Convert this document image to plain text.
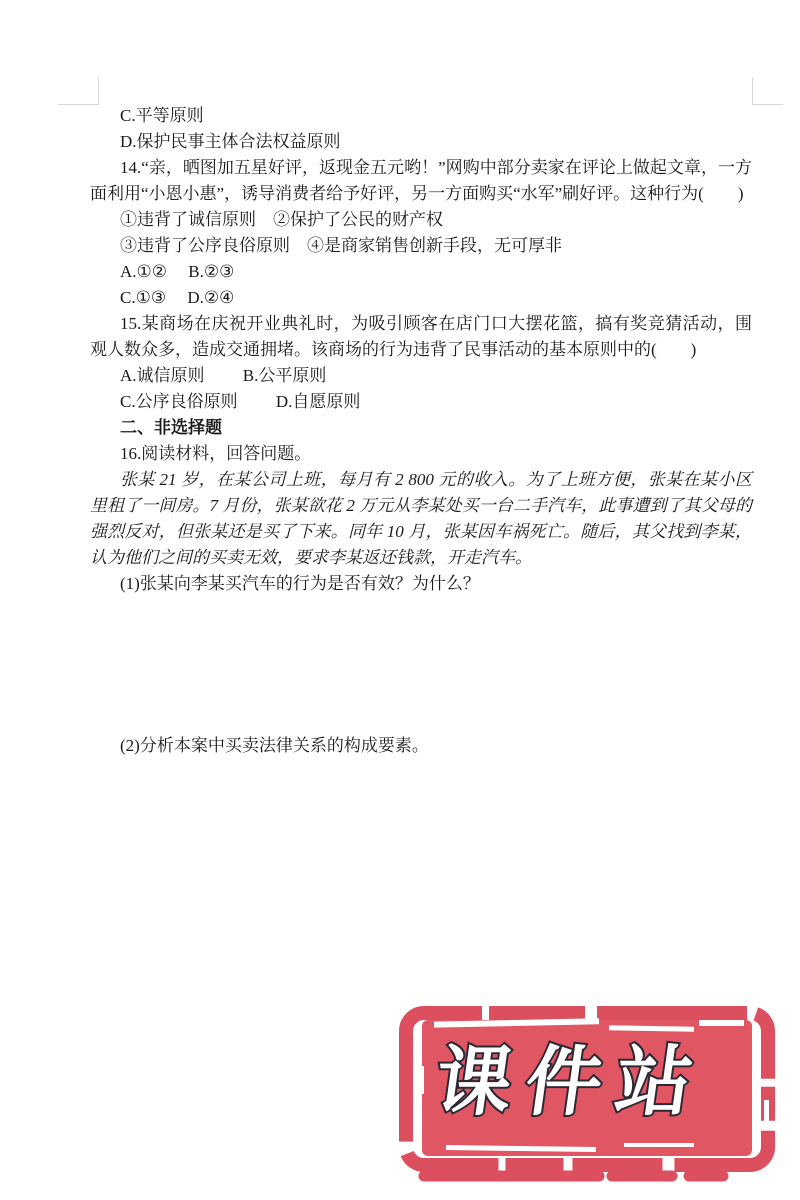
C.平等原则

D.保护民事主体合法权益原则

14.“亲，晒图加五星好评，返现金五元哟！”网购中部分卖家在评论上做起文章，一方面利用“小恩小惠”，诱导消费者给予好评，另一方面购买“水军”刷好评。这种行为(　　)

①违背了诚信原则　②保护了公民的财产权

③违背了公序良俗原则　④是商家销售创新手段，无可厚非

A.①②　 B.②③

C.①③　 D.②④

15.某商场在庆祝开业典礼时，为吸引顾客在店门口大摆花篮，搞有奖竞猜活动，围观人数众多，造成交通拥堵。该商场的行为违背了民事活动的基本原则中的(　　)

A.诚信原则　　 B.公平原则

C.公序良俗原则　　 D.自愿原则

二、非选择题

16.阅读材料，回答问题。

张某 21 岁，在某公司上班，每月有 2 800 元的收入。为了上班方便，张某在某小区里租了一间房。7 月份，张某欲花 2 万元从李某处买一台二手汽车，此事遭到了其父母的强烈反对，但张某还是买了下来。同年 10 月，张某因车祸死亡。随后，其父找到李某，认为他们之间的买卖无效，要求李某返还钱款，开走汽车。

(1)张某向李某买汽车的行为是否有效？为什么？

(2)分析本案中买卖法律关系的构成要素。

课件站
